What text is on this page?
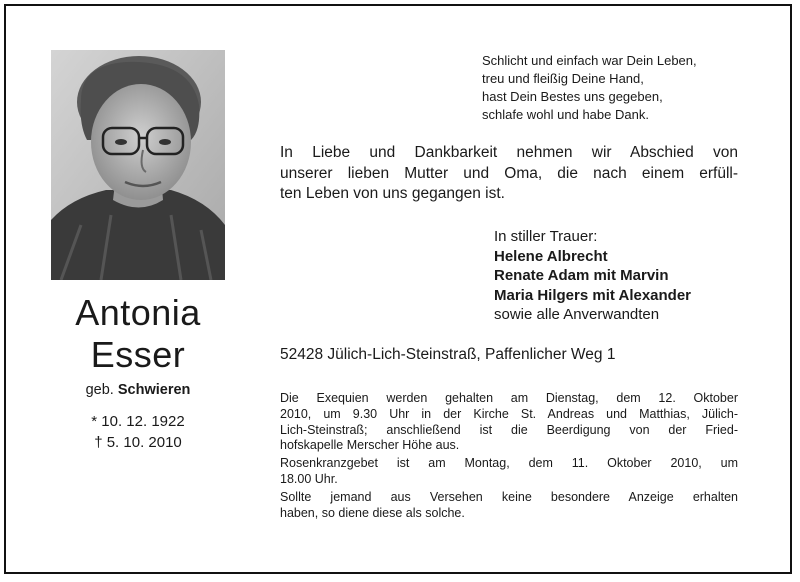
Antonia
Esser
geb. Schwieren
* 10. 12. 1922
† 5. 10. 2010
Schlicht und einfach war Dein Leben,
treu und fleißig Deine Hand,
hast Dein Bestes uns gegeben,
schlafe wohl und habe Dank.
In Liebe und Dankbarkeit nehmen wir Abschied von
unserer lieben Mutter und Oma, die nach einem erfüll-
ten Leben von uns gegangen ist.
In stiller Trauer:
Helene Albrecht
Renate Adam mit Marvin
Maria Hilgers mit Alexander
sowie alle Anverwandten
52428 Jülich-Lich-Steinstraß, Paffenlicher Weg 1
Die Exequien werden gehalten am Dienstag, dem 12. Oktober
2010, um 9.30 Uhr in der Kirche St. Andreas und Matthias, Jülich-
Lich-Steinstraß; anschließend ist die Beerdigung von der Fried-
hofskapelle Merscher Höhe aus.
Rosenkranzgebet ist am Montag, dem 11. Oktober 2010, um
18.00 Uhr.
Sollte jemand aus Versehen keine besondere Anzeige erhalten
haben, so diene diese als solche.
